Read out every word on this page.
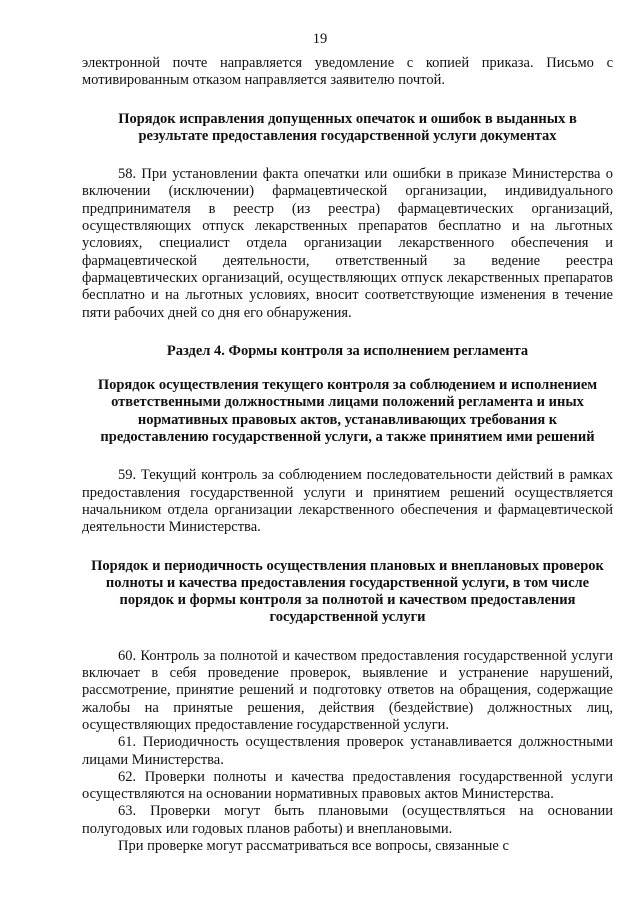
19

электронной почте направляется уведомление с копией приказа. Письмо с мотивированным отказом направляется заявителю почтой.

Порядок исправления допущенных опечаток и ошибок в выданных в результате предоставления государственной услуги документах

58. При установлении факта опечатки или ошибки в приказе Министерства о включении (исключении) фармацевтической организации, индивидуального предпринимателя в реестр (из реестра) фармацевтических организаций, осуществляющих отпуск лекарственных препаратов бесплатно и на льготных условиях, специалист отдела организации лекарственного обеспечения и фармацевтической деятельности, ответственный за ведение реестра фармацевтических организаций, осуществляющих отпуск лекарственных препаратов бесплатно и на льготных условиях, вносит соответствующие изменения в течение пяти рабочих дней со дня его обнаружения.

Раздел 4. Формы контроля за исполнением регламента
Порядок осуществления текущего контроля за соблюдением и исполнением ответственными должностными лицами положений регламента и иных нормативных правовых актов, устанавливающих требования к предоставлению государственной услуги, а также принятием ими решений

59. Текущий контроль за соблюдением последовательности действий в рамках предоставления государственной услуги и принятием решений осуществляется начальником отдела организации лекарственного обеспечения и фармацевтической деятельности Министерства.

Порядок и периодичность осуществления плановых и внеплановых проверок полноты и качества предоставления государственной услуги, в том числе порядок и формы контроля за полнотой и качеством предоставления государственной услуги

60. Контроль за полнотой и качеством предоставления государственной услуги включает в себя проведение проверок, выявление и устранение нарушений, рассмотрение, принятие решений и подготовку ответов на обращения, содержащие жалобы на принятые решения, действия (бездействие) должностных лиц, осуществляющих предоставление государственной услуги.

61. Периодичность осуществления проверок устанавливается должностными лицами Министерства.

62. Проверки полноты и качества предоставления государственной услуги осуществляются на основании нормативных правовых актов Министерства.

63. Проверки могут быть плановыми (осуществляться на основании полугодовых или годовых планов работы) и внеплановыми.

При проверке могут рассматриваться все вопросы, связанные с
